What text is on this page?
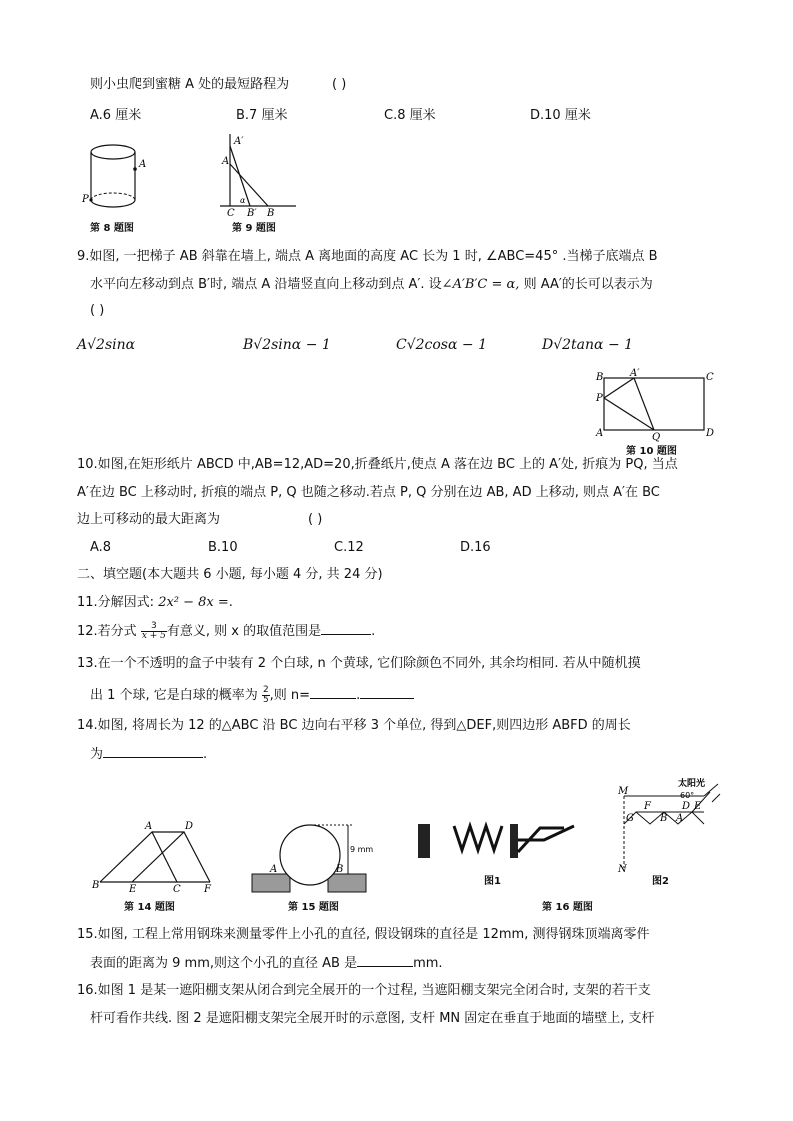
则小虫爬到蜜糖 A 处的最短路程为	( )
A.6 厘米	B.7 厘米	C.8 厘米	D.10 厘米
A
P
第 8 题图
A′
A
α
C B′ B
第 9 题图
9.如图, 一把梯子 AB 斜靠在墙上, 端点 A 离地面的高度 AC 长为 1 时, ∠ABC=45° .当梯子底端点 B
水平向左移动到点 B′时, 端点 A 沿墙竖直向上移动到点 A′. 设∠A′B′C = α, 则 AA′的长可以表示为
( )
A√2sinα	B√2sinα − 1	C√2cosα − 1	D√2tanα − 1
B	A′	C
P
A	Q	D
第 10 题图
10.如图,在矩形纸片 ABCD 中,AB=12,AD=20,折叠纸片,使点 A 落在边 BC 上的 A′处, 折痕为 PQ, 当点
A′在边 BC 上移动时, 折痕的端点 P, Q 也随之移动.若点 P, Q 分别在边 AB, AD 上移动, 则点 A′在 BC
边上可移动的最大距离为	( )
A.8	B.10	C.12	D.16
二、填空题(本大题共 6 小题, 每小题 4 分, 共 24 分)
11.分解因式: 2x² − 8x =.
12.若分式 $\frac{3}{x + 5}$ 有意义, 则 x 的取值范围是	.
13.在一个不透明的盒子中装有 2 个白球, n 个黄球, 它们除颜色不同外, 其余均相同. 若从中随机摸
出 1 个球, 它是白球的概率为 $\frac{2}{5}$ ,则 n=	.
14.如图, 将周长为 12 的△ABC 沿 BC 边向右平移 3 个单位, 得到△DEF,则四边形 ABFD 的周长
为	.
A	D
B	E	C F
第 14 题图
A	B
9 mm
第 15 题图
图1
M
F
G	B
D E
A
N
太阳光
60°
图2
第 16 题图
15.如图, 工程上常用钢珠来测量零件上小孔的直径, 假设钢珠的直径是 12mm, 测得钢珠顶端离零件
表面的距离为 9 mm,则这个小孔的直径 AB 是	mm.
16.如图 1 是某一遮阳棚支架从闭合到完全展开的一个过程, 当遮阳棚支架完全闭合时, 支架的若干支
杆可看作共线. 图 2 是遮阳棚支架完全展开时的示意图, 支杆 MN 固定在垂直于地面的墙壁上, 支杆
